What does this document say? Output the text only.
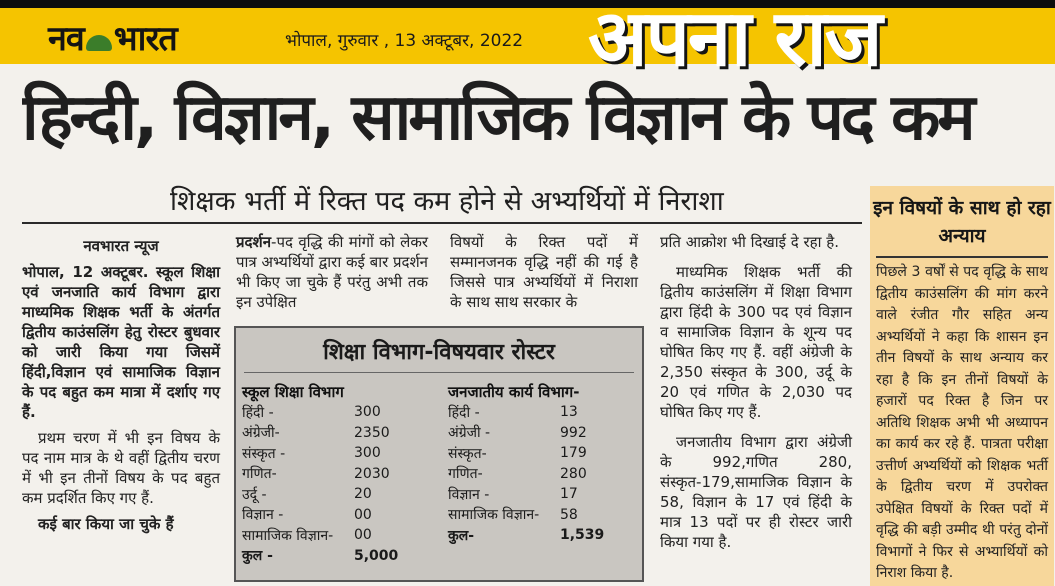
नव भारत	भोपाल, गुरुवार , 13 अक्टूबर, 2022 अपना राज
हिन्दी, विज्ञान, सामाजिक विज्ञान के पद कम
शिक्षक भर्ती में रिक्त पद कम होने से अभ्यर्थियों में निराशा

नवभारत न्यूज

भोपाल, 12 अक्टूबर. स्कूल शिक्षा एवं जनजाति कार्य विभाग द्वारा माध्यमिक शिक्षक भर्ती के अंतर्गत द्वितीय काउंसलिंग हेतु रोस्टर बुधवार को जारी किया गया जिसमें हिंदी,विज्ञान एवं सामाजिक विज्ञान के पद बहुत कम मात्रा में दर्शाए गए हैं.

प्रथम चरण में भी इन विषय के पद नाम मात्र के थे वहीं द्वितीय चरण में भी इन तीनों विषय के पद बहुत कम प्रदर्शित किए गए हैं.

कई बार किया जा चुके हैं

प्रदर्शन-पद वृद्धि की मांगों को लेकर पात्र अभ्यर्थियों द्वारा कई बार प्रदर्शन भी किए जा चुके हैं परंतु अभी तक इन उपेक्षित

विषयों के रिक्त पदों में सम्मानजनक वृद्धि नहीं की गई है जिससे पात्र अभ्यर्थियों में निराशा के साथ साथ सरकार के

प्रति आक्रोश भी दिखाई दे रहा है.

माध्यमिक शिक्षक भर्ती की द्वितीय काउंसलिंग में शिक्षा विभाग द्वारा हिंदी के 300 पद एवं विज्ञान व सामाजिक विज्ञान के शून्य पद घोषित किए गए हैं. वहीं अंग्रेजी के 2,350 संस्कृत के 300, उर्दू के 20 एवं गणित के 2,030 पद घोषित किए गए हैं.

जनजातीय विभाग द्वारा अंग्रेजी के 992,गणित 280, संस्कृत-179,सामाजिक विज्ञान के 58, विज्ञान के 17 एवं हिंदी के मात्र 13 पदों पर ही रोस्टर जारी किया गया है.

शिक्षा विभाग-विषयवार रोस्टर
स्कूल शिक्षा विभाग
हिंदी -	300
अंग्रेजी-	2350
संस्कृत -	300
गणित-	2030
उर्दू -	20
विज्ञान -	00
सामाजिक विज्ञान-	00
कुल -	5,000
जनजातीय कार्य विभाग-
हिंदी -	13
अंग्रेजी -	992
संस्कृत-	179
गणित-	280
विज्ञान -	17
सामाजिक विज्ञान-	58
कुल-	1,539
इन विषयों के साथ हो रहा अन्याय
पिछले 3 वर्षों से पद वृद्धि के साथ द्वितीय काउंसलिंग की मांग करने वाले रंजीत गौर सहित अन्य अभ्यर्थियों ने कहा कि शासन इन तीन विषयों के साथ अन्याय कर रहा है कि इन तीनों विषयों के हजारों पद रिक्त है जिन पर अतिथि शिक्षक अभी भी अध्यापन का कार्य कर रहे हैं. पात्रता परीक्षा उत्तीर्ण अभ्यर्थियों को शिक्षक भर्ती के द्वितीय चरण में उपरोक्त उपेक्षित विषयों के रिक्त पदों में वृद्धि की बड़ी उम्मीद थी परंतु दोनों विभागों ने फिर से अभ्यार्थियों को निराश किया है.
